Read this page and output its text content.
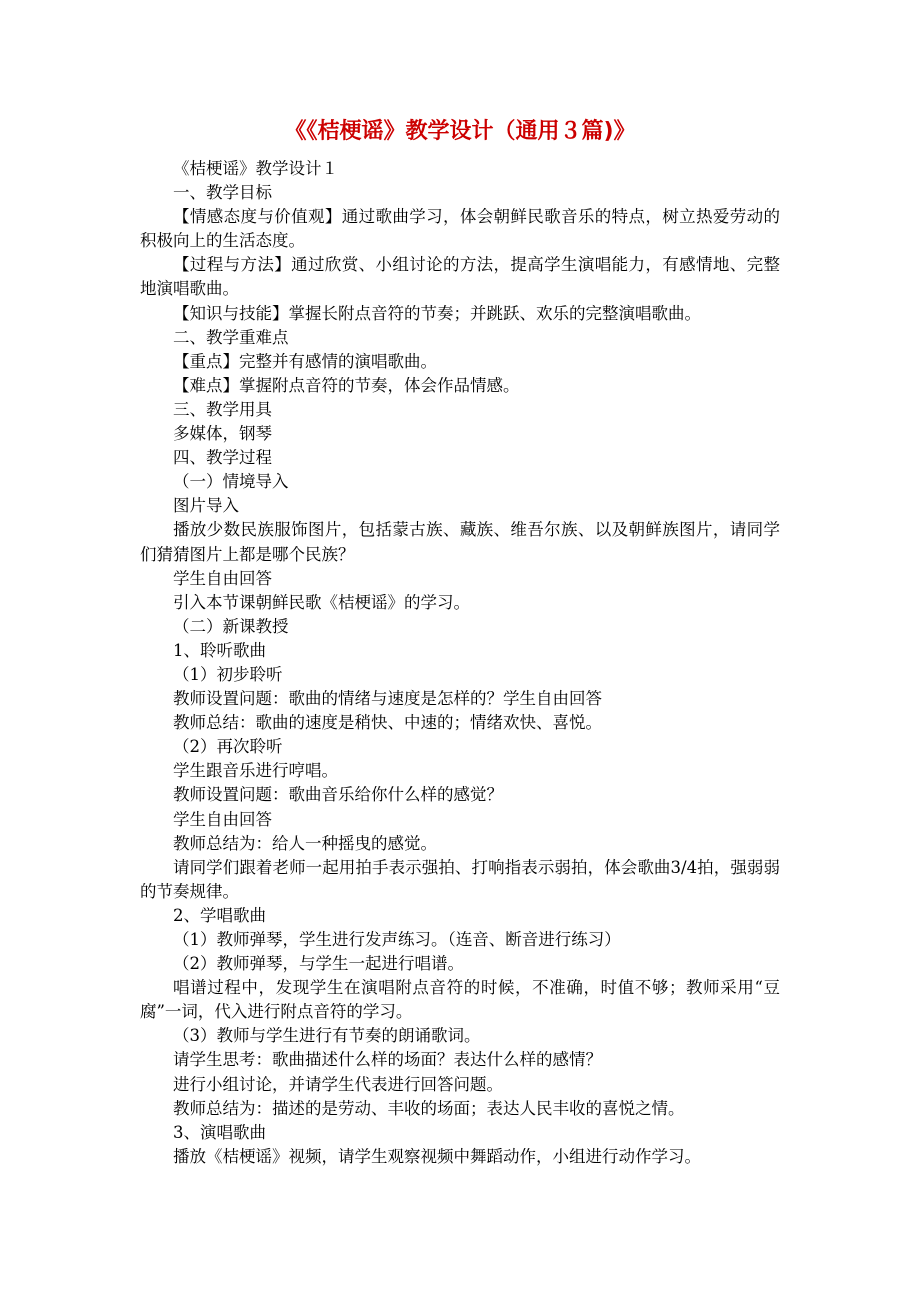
《《桔梗谣》教学设计（通用３篇)》

《桔梗谣》教学设计１

一、教学目标

【情感态度与价值观】通过歌曲学习，体会朝鲜民歌音乐的特点，树立热爱劳动的积极向上的生活态度。

【过程与方法】通过欣赏、小组讨论的方法，提高学生演唱能力，有感情地、完整地演唱歌曲。

【知识与技能】掌握长附点音符的节奏；并跳跃、欢乐的完整演唱歌曲。

二、教学重难点

【重点】完整并有感情的演唱歌曲。

【难点】掌握附点音符的节奏，体会作品情感。

三、教学用具

多媒体，钢琴

四、教学过程

（一）情境导入

图片导入

播放少数民族服饰图片，包括蒙古族、藏族、维吾尔族、以及朝鲜族图片，请同学们猜猜图片上都是哪个民族？

学生自由回答

引入本节课朝鲜民歌《桔梗谣》的学习。

（二）新课教授

1、聆听歌曲

（1）初步聆听

教师设置问题：歌曲的情绪与速度是怎样的？学生自由回答

教师总结：歌曲的速度是稍快、中速的；情绪欢快、喜悦。

（2）再次聆听

学生跟音乐进行哼唱。

教师设置问题：歌曲音乐给你什么样的感觉？

学生自由回答

教师总结为：给人一种摇曳的感觉。

请同学们跟着老师一起用拍手表示强拍、打响指表示弱拍，体会歌曲3/4拍，强弱弱的节奏规律。

2、学唱歌曲

（1）教师弹琴，学生进行发声练习。（连音、断音进行练习）

（2）教师弹琴，与学生一起进行唱谱。

唱谱过程中，发现学生在演唱附点音符的时候，不准确，时值不够；教师采用“豆腐”一词，代入进行附点音符的学习。

（3）教师与学生进行有节奏的朗诵歌词。

请学生思考：歌曲描述什么样的场面？表达什么样的感情？

进行小组讨论，并请学生代表进行回答问题。

教师总结为：描述的是劳动、丰收的场面；表达人民丰收的喜悦之情。

3、演唱歌曲

播放《桔梗谣》视频，请学生观察视频中舞蹈动作，小组进行动作学习。
